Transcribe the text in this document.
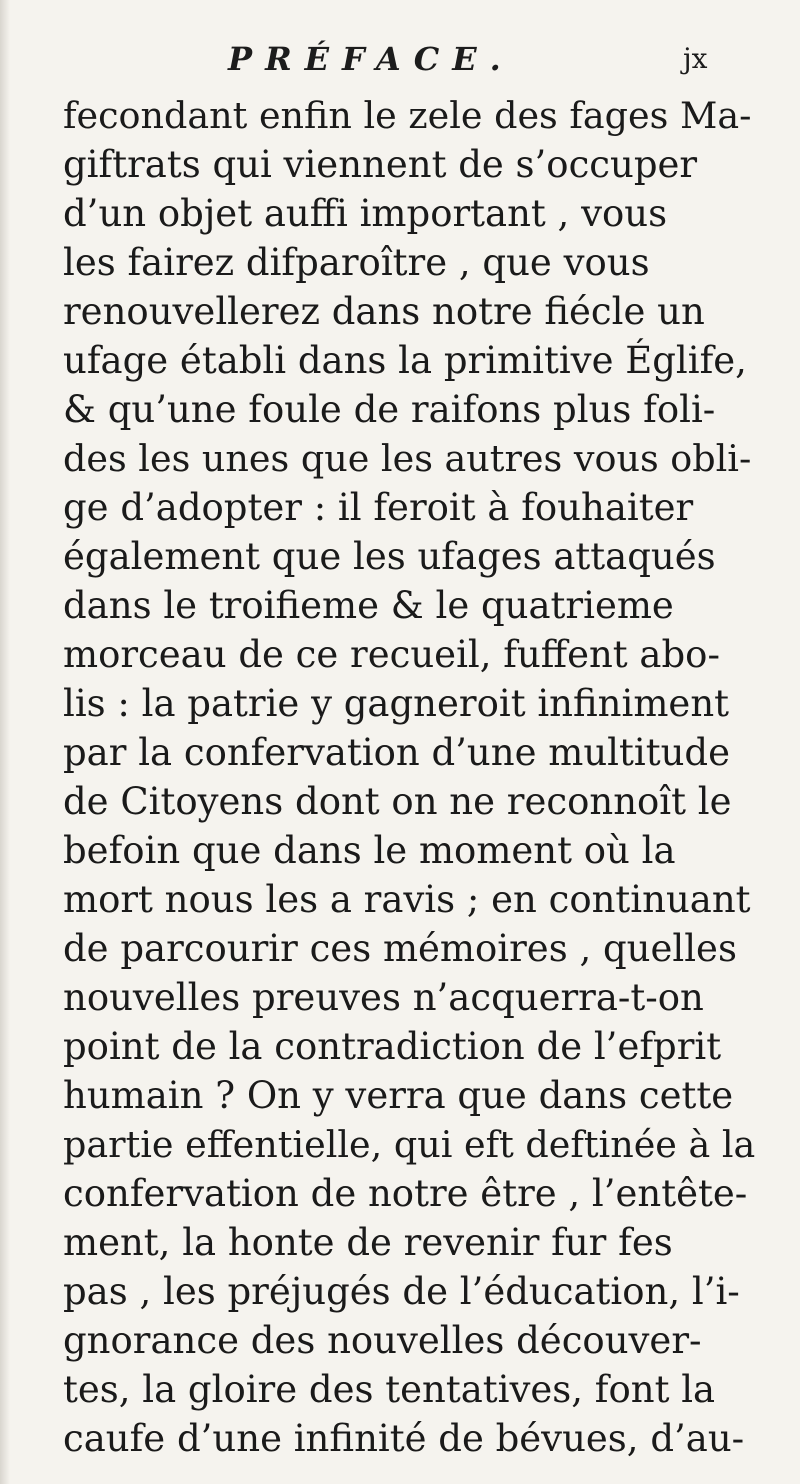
PRÉFACE.	jx
fecondant enfin le zele des fages Ma-
giftrats qui viennent de s’occuper
d’un objet auffi important , vous
les fairez difparoître , que vous
renouvellerez dans notre fiécle un
ufage établi dans la primitive Églife,
& qu’une foule de raifons plus foli-
des les unes que les autres vous obli-
ge d’adopter : il feroit à fouhaiter
également que les ufages attaqués
dans le troifieme & le quatrieme
morceau de ce recueil, fuffent abo-
lis : la patrie y gagneroit infiniment
par la confervation d’une multitude
de Citoyens dont on ne reconnoît le
befoin que dans le moment où la
mort nous les a ravis ; en continuant
de parcourir ces mémoires , quelles
nouvelles preuves n’acquerra-t-on
point de la contradiction de l’efprit
humain ? On y verra que dans cette
partie effentielle, qui eft deftinée à la
confervation de notre être , l’entête-
ment, la honte de revenir fur fes
pas , les préjugés de l’éducation, l’i-
gnorance des nouvelles découver-
tes, la gloire des tentatives, font la
caufe d’une infinité de bévues, d’au-
